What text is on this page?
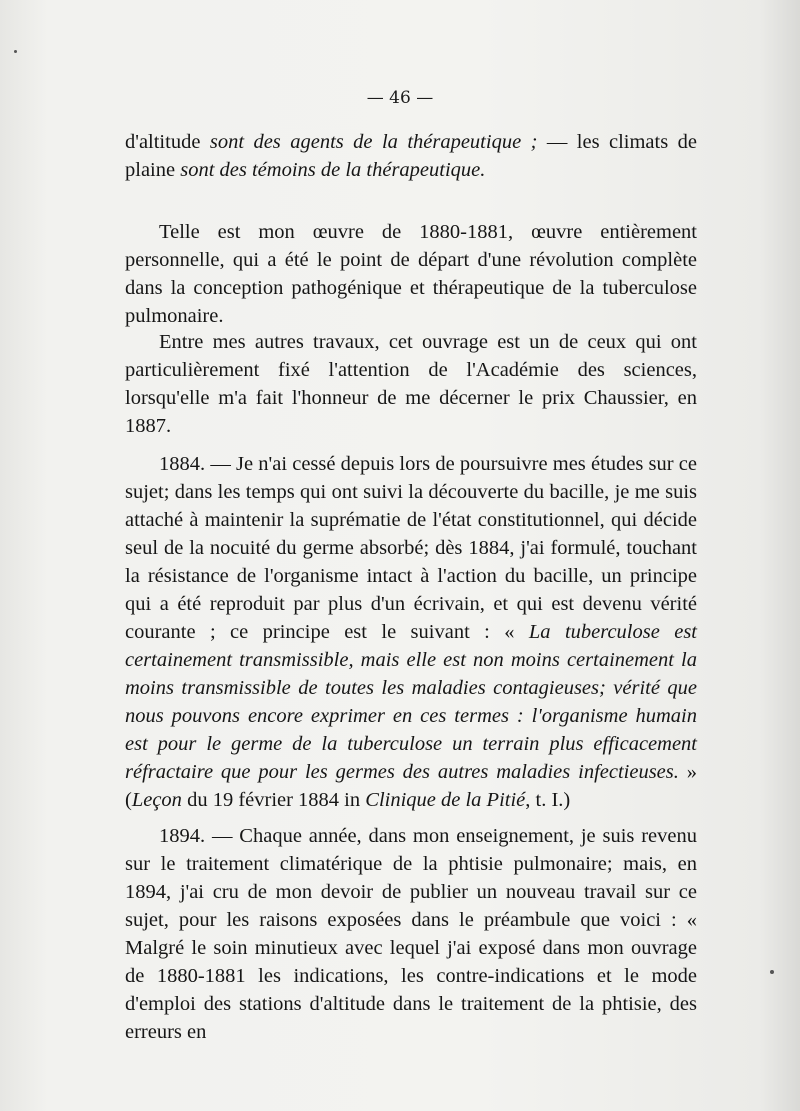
— 46 —

d'altitude sont des agents de la thérapeutique ; — les climats de plaine sont des témoins de la thérapeutique.

Telle est mon œuvre de 1880-1881, œuvre entièrement personnelle, qui a été le point de départ d'une révolution complète dans la conception pathogénique et thérapeutique de la tuberculose pulmonaire.

Entre mes autres travaux, cet ouvrage est un de ceux qui ont particulièrement fixé l'attention de l'Académie des sciences, lorsqu'elle m'a fait l'honneur de me décerner le prix Chaussier, en 1887.

1884. — Je n'ai cessé depuis lors de poursuivre mes études sur ce sujet; dans les temps qui ont suivi la découverte du bacille, je me suis attaché à maintenir la suprématie de l'état constitutionnel, qui décide seul de la nocuité du germe absorbé; dès 1884, j'ai formulé, touchant la résistance de l'organisme intact à l'action du bacille, un principe qui a été reproduit par plus d'un écrivain, et qui est devenu vérité courante ; ce principe est le suivant : « La tuberculose est certainement transmissible, mais elle est non moins certainement la moins transmissible de toutes les maladies contagieuses; vérité que nous pouvons encore exprimer en ces termes : l'organisme humain est pour le germe de la tuberculose un terrain plus efficacement réfractaire que pour les germes des autres maladies infectieuses. » (Leçon du 19 février 1884 in Clinique de la Pitié, t. I.)

1894. — Chaque année, dans mon enseignement, je suis revenu sur le traitement climatérique de la phtisie pulmonaire; mais, en 1894, j'ai cru de mon devoir de publier un nouveau travail sur ce sujet, pour les raisons exposées dans le préambule que voici : « Malgré le soin minutieux avec lequel j'ai exposé dans mon ouvrage de 1880-1881 les indications, les contre-indications et le mode d'emploi des stations d'altitude dans le traitement de la phtisie, des erreurs en
